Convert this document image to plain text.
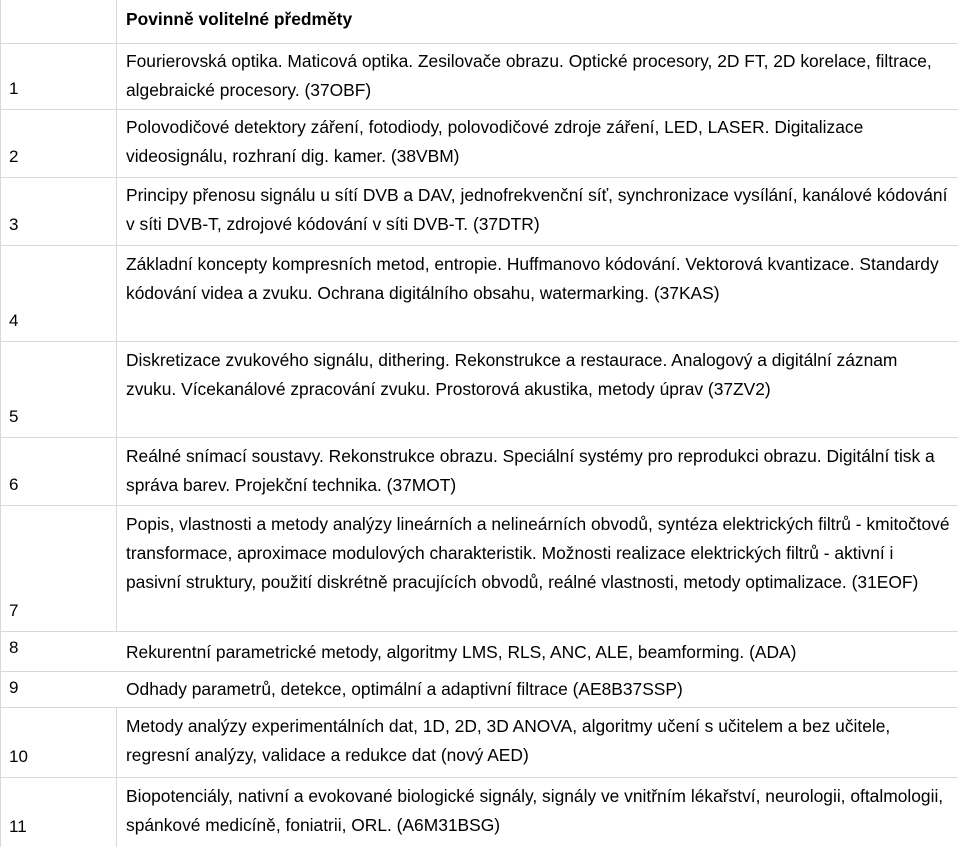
Povinně volitelné předměty
1
Fourierovská optika. Maticová optika. Zesilovače obrazu. Optické procesory, 2D FT, 2D korelace, filtrace, algebraické procesory. (37OBF)
2
Polovodičové detektory záření, fotodiody, polovodičové zdroje záření, LED, LASER. Digitalizace videosignálu, rozhraní dig. kamer. (38VBM)
3
Principy přenosu signálu u sítí DVB a DAV, jednofrekvenční síť, synchronizace vysílání, kanálové kódování v síti DVB-T, zdrojové kódování v síti DVB-T. (37DTR)
4
Základní koncepty kompresních metod, entropie. Huffmanovo kódování. Vektorová kvantizace. Standardy kódování videa a zvuku. Ochrana digitálního obsahu, watermarking. (37KAS)
5
Diskretizace zvukového signálu, dithering. Rekonstrukce a restaurace. Analogový a digitální záznam zvuku. Vícekanálové zpracování zvuku. Prostorová akustika, metody úprav (37ZV2)
6
Reálné snímací soustavy. Rekonstrukce obrazu. Speciální systémy pro reprodukci obrazu. Digitální tisk a správa barev. Projekční technika. (37MOT)
7
Popis, vlastnosti a metody analýzy lineárních a nelineárních obvodů, syntéza elektrických filtrů - kmitočtové transformace, aproximace modulových charakteristik. Možnosti realizace elektrických filtrů - aktivní i pasivní struktury, použití diskrétně pracujících obvodů, reálné vlastnosti, metody optimalizace. (31EOF)
8	Rekurentní parametrické metody, algoritmy LMS, RLS, ANC, ALE, beamforming. (ADA)
9	Odhady parametrů, detekce, optimální a adaptivní filtrace (AE8B37SSP)
10
Metody analýzy experimentálních dat, 1D, 2D, 3D ANOVA, algoritmy učení s učitelem a bez učitele, regresní analýzy, validace a redukce dat (nový AED)
11
Biopotenciály, nativní a evokované biologické signály, signály ve vnitřním lékařství, neurologii, oftalmologii, spánkové medicíně, foniatrii, ORL. (A6M31BSG)
